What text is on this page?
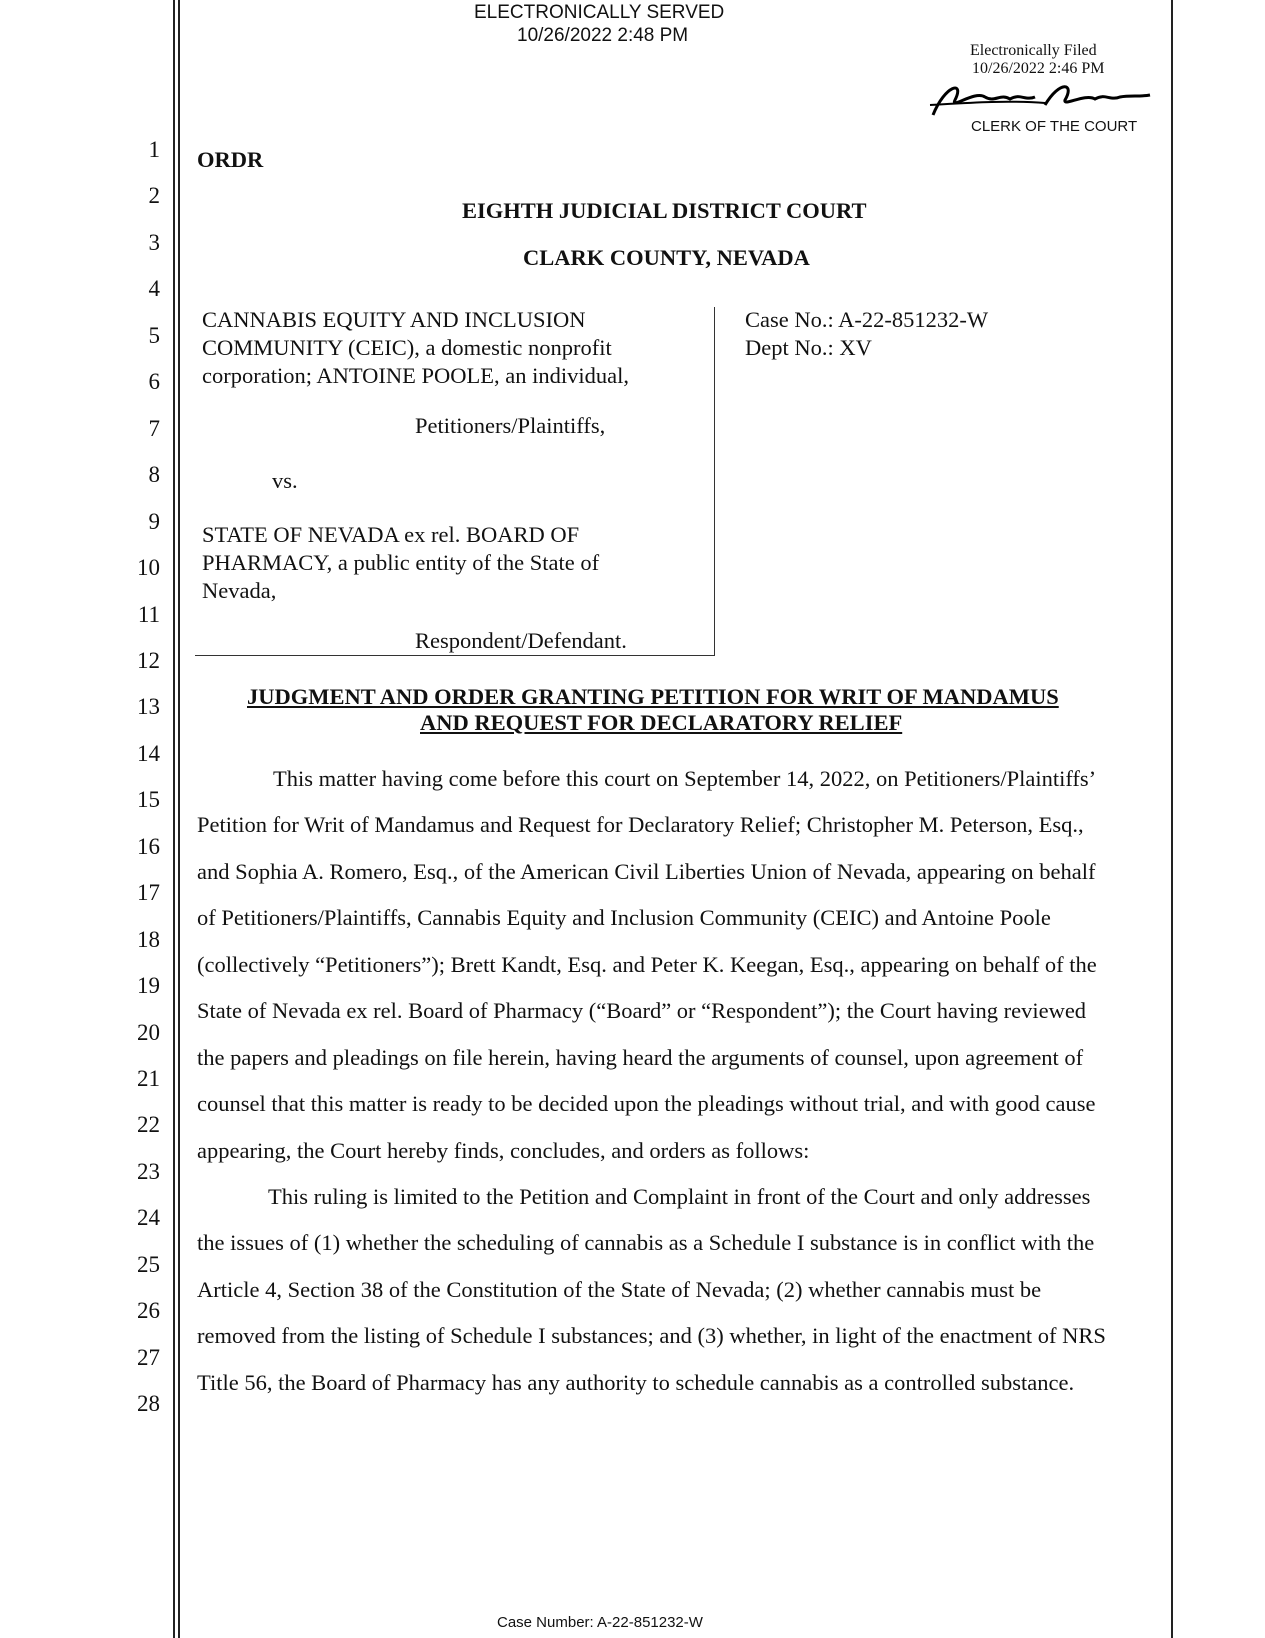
ELECTRONICALLY SERVED
10/26/2022 2:48 PM
Electronically Filed
10/26/2022 2:46 PM
CLERK OF THE COURT
1
2
3
4
5
6
7
8
9
10
11
12
13
14
15
16
17
18
19
20
21
22
23
24
25
26
27
28
ORDR
EIGHTH JUDICIAL DISTRICT COURT
CLARK COUNTY, NEVADA
CANNABIS EQUITY AND INCLUSION
COMMUNITY (CEIC), a domestic nonprofit
corporation; ANTOINE POOLE, an individual,
Petitioners/Plaintiffs,
vs.
STATE OF NEVADA ex rel. BOARD OF
PHARMACY, a public entity of the State of
Nevada,
Respondent/Defendant.
Case No.: A-22-851232-W
Dept No.: XV
JUDGMENT AND ORDER GRANTING PETITION FOR WRIT OF MANDAMUS
AND REQUEST FOR DECLARATORY RELIEF
This matter having come before this court on September 14, 2022, on Petitioners/Plaintiffs’
Petition for Writ of Mandamus and Request for Declaratory Relief; Christopher M. Peterson, Esq.,
and Sophia A. Romero, Esq., of the American Civil Liberties Union of Nevada, appearing on behalf
of Petitioners/Plaintiffs, Cannabis Equity and Inclusion Community (CEIC) and Antoine Poole
(collectively “Petitioners”); Brett Kandt, Esq. and Peter K. Keegan, Esq., appearing on behalf of the
State of Nevada ex rel. Board of Pharmacy (“Board” or “Respondent”); the Court having reviewed
the papers and pleadings on file herein, having heard the arguments of counsel, upon agreement of
counsel that this matter is ready to be decided upon the pleadings without trial, and with good cause
appearing, the Court hereby finds, concludes, and orders as follows:
This ruling is limited to the Petition and Complaint in front of the Court and only addresses
the issues of (1) whether the scheduling of cannabis as a Schedule I substance is in conflict with the
Article 4, Section 38 of the Constitution of the State of Nevada; (2) whether cannabis must be
removed from the listing of Schedule I substances; and (3) whether, in light of the enactment of NRS
Title 56, the Board of Pharmacy has any authority to schedule cannabis as a controlled substance.
Case Number: A-22-851232-W
